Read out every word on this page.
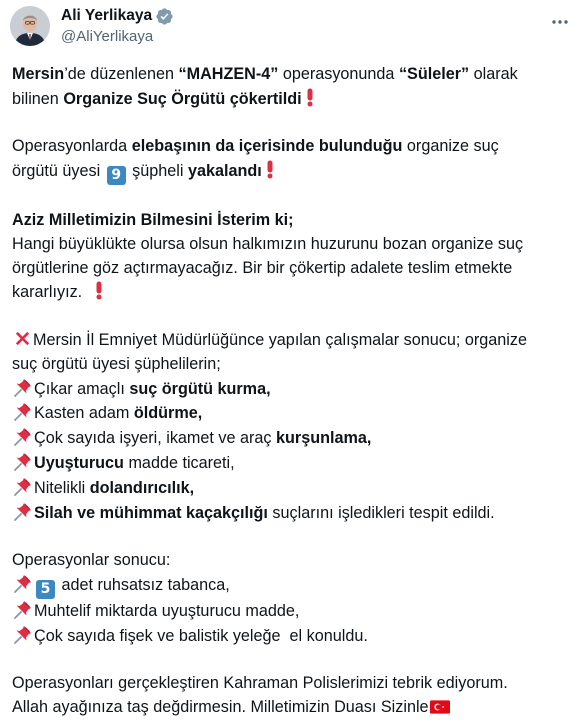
Ali Yerlikaya
@AliYerlikaya
Mersin’de düzenlenen “MAHZEN-4” operasyonunda “Süleler” olarak
bilinen Organize Suç Örgütü çökertildi
Operasyonlarda elebaşının da içerisinde bulunduğu organize suç
örgütü üyesi 9 şüpheli yakalandı
Aziz Milletimizin Bilmesini İsterim ki;
Hangi büyüklükte olursa olsun halkımızın huzurunu bozan organize suç
örgütlerine göz açtırmayacağız. Bir bir çökertip adalete teslim etmekte
kararlıyız.
Mersin İl Emniyet Müdürlüğünce yapılan çalışmalar sonucu; organize
suç örgütü üyesi şüphelilerin;
Çıkar amaçlı suç örgütü kurma,
Kasten adam öldürme,
Çok sayıda işyeri, ikamet ve araç kurşunlama,
Uyuşturucu madde ticareti,
Nitelikli dolandırıcılık,
Silah ve mühimmat kaçakçılığı suçlarını işledikleri tespit edildi.
Operasyonlar sonucu:
5 adet ruhsatsız tabanca,
Muhtelif miktarda uyuşturucu madde,
Çok sayıda fişek ve balistik yeleğe  el konuldu.
Operasyonları gerçekleştiren Kahraman Polislerimizi tebrik ediyorum.
Allah ayağınıza taş değdirmesin. Milletimizin Duası Sizinle
